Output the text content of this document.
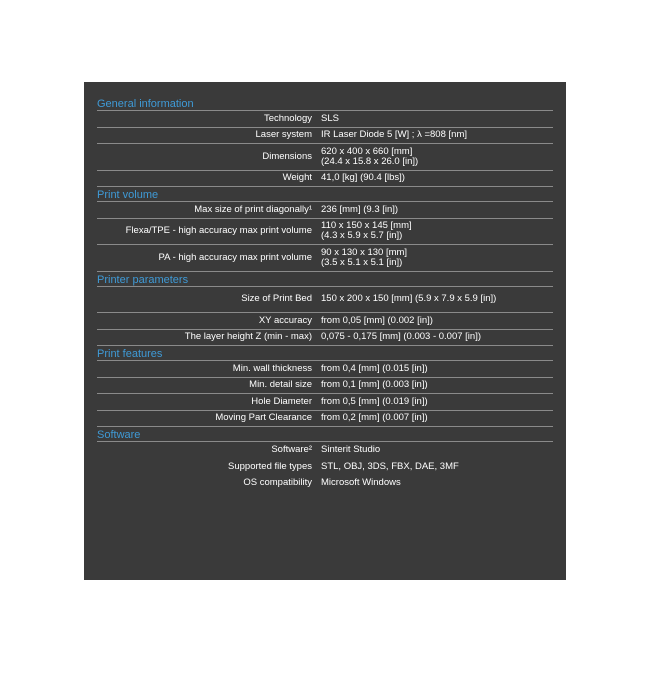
General information
Technology SLS
Laser system IR Laser Diode 5 [W] ; λ =808 [nm]
Dimensions 620 x 400 x 660 [mm]
(24.4 x 15.8 x 26.0 [in])
Weight 41,0 [kg] (90.4 [lbs])
Print volume
Max size of print diagonally¹ 236 [mm] (9.3 [in])
Flexa/TPE - high accuracy max print volume 110 x 150 x 145 [mm]
(4.3 x 5.9 x 5.7 [in])
PA - high accuracy max print volume 90 x 130 x 130 [mm]
(3.5 x 5.1 x 5.1 [in])
Printer parameters
Size of Print Bed 150 x 200 x 150 [mm] (5.9 x 7.9 x 5.9 [in])
XY accuracy from 0,05 [mm] (0.002 [in])
The layer height Z (min - max) 0,075 - 0,175 [mm] (0.003 - 0.007 [in])
Print features
Min. wall thickness from 0,4 [mm] (0.015 [in])
Min. detail size from 0,1 [mm] (0.003 [in])
Hole Diameter from 0,5 [mm] (0.019 [in])
Moving Part Clearance from 0,2 [mm] (0.007 [in])
Software
Software² Sinterit Studio
Supported file types STL, OBJ, 3DS, FBX, DAE, 3MF
OS compatibility Microsoft Windows
